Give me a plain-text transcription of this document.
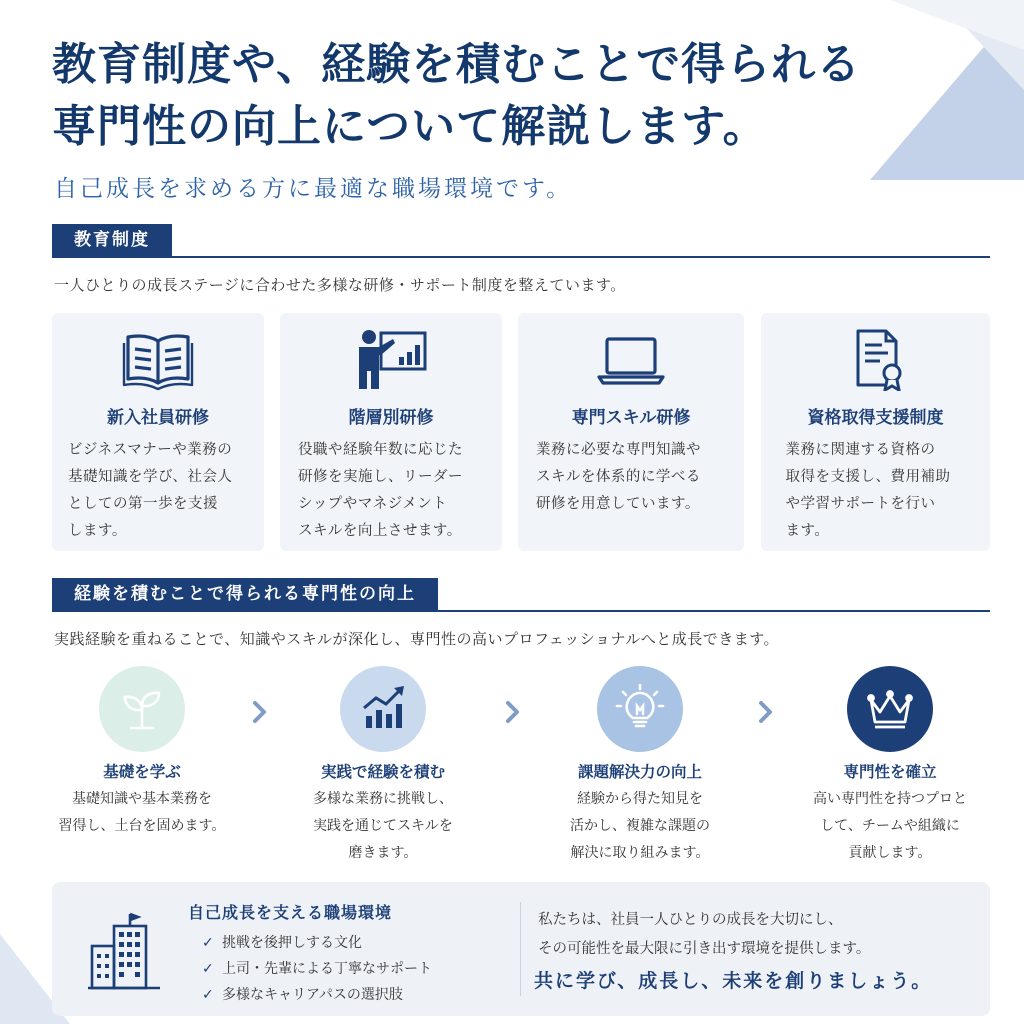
教育制度や、経験を積むことで得られる
専門性の向上について解説します。
自己成長を求める方に最適な職場環境です。
教育制度
一人ひとりの成長ステージに合わせた多様な研修・サポート制度を整えています。
新入社員研修
ビジネスマナーや業務の
基礎知識を学び、社会人
としての第一歩を支援
します。
階層別研修
役職や経験年数に応じた
研修を実施し、リーダー
シップやマネジメント
スキルを向上させます。
専門スキル研修
業務に必要な専門知識や
スキルを体系的に学べる
研修を用意しています。
資格取得支援制度
業務に関連する資格の
取得を支援し、費用補助
や学習サポートを行い
ます。
経験を積むことで得られる専門性の向上
実践経験を重ねることで、知識やスキルが深化し、専門性の高いプロフェッショナルへと成長できます。
基礎を学ぶ
基礎知識や基本業務を
習得し、土台を固めます。
実践で経験を積む
多様な業務に挑戦し、
実践を通じてスキルを
磨きます。
課題解決力の向上
経験から得た知見を
活かし、複雑な課題の
解決に取り組みます。
専門性を確立
高い専門性を持つプロと
して、チームや組織に
貢献します。
自己成長を支える職場環境
✓ 挑戦を後押しする文化
✓ 上司・先輩による丁寧なサポート
✓ 多様なキャリアパスの選択肢
私たちは、社員一人ひとりの成長を大切にし、
その可能性を最大限に引き出す環境を提供します。
共に学び、成長し、未来を創りましょう。
